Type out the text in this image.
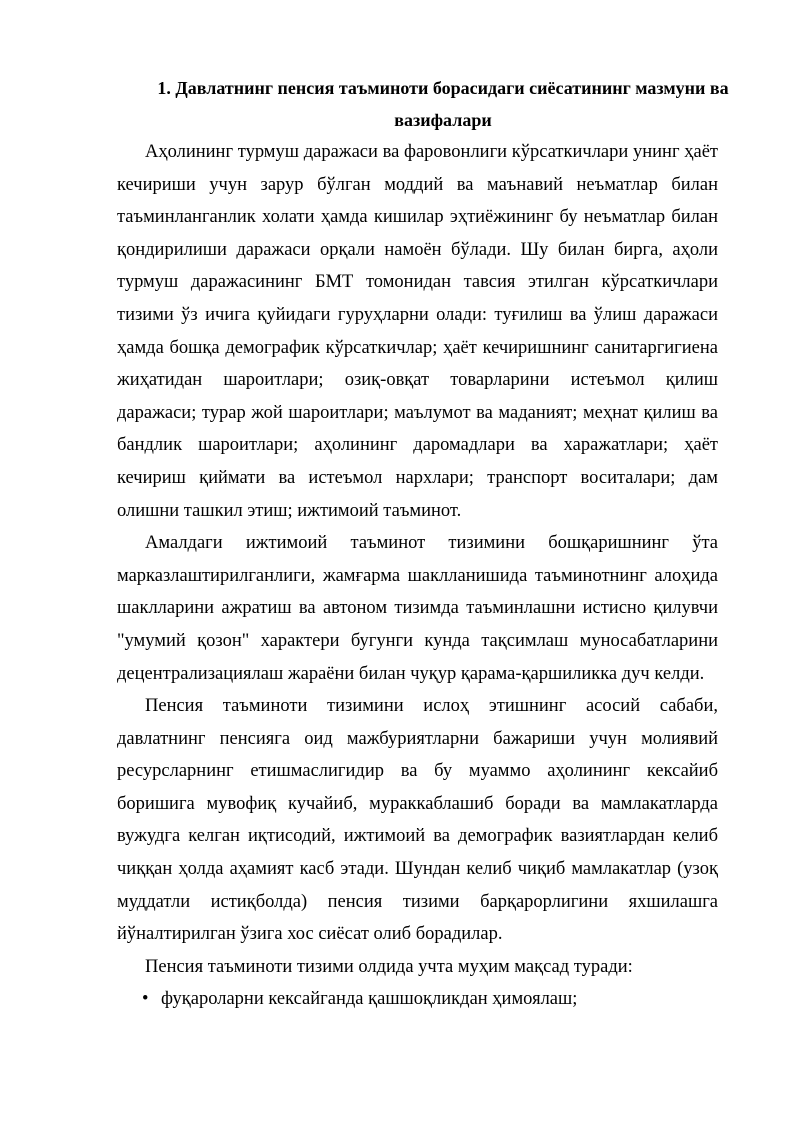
1. Давлатнинг пенсия таъминоти борасидаги сиёсатининг мазмуни ва
вазифалари

Аҳолининг турмуш даражаси ва фаровонлиги кўрсаткичлари унинг ҳаёт кечириши учун зарур бўлган моддий ва маънавий неъматлар билан таъминланганлик холати ҳамда кишилар эҳтиёжининг бу неъматлар билан қондирилиши даражаси орқали намоён бўлади. Шу билан бирга, аҳоли турмуш даражасининг БМТ томонидан тавсия этилган кўрсаткичлари тизими ўз ичига қуйидаги гуруҳларни олади: туғилиш ва ўлиш даражаси ҳамда бошқа демографик кўрсаткичлар; ҳаёт кечиришнинг санитаргигиена жиҳатидан шароитлари; озиқ-овқат товарларини истеъмол қилиш даражаси; турар жой шароитлари; маълумот ва маданият; меҳнат қилиш ва бандлик шароитлари; аҳолининг даромадлари ва харажатлари; ҳаёт кечириш қиймати ва истеъмол нархлари; транспорт воситалари; дам олишни ташкил этиш; ижтимоий таъминот.

Амалдаги ижтимоий таъминот тизимини бошқаришнинг ўта марказлаштирилганлиги, жамғарма шаклланишида таъминотнинг алоҳида шаклларини ажратиш ва автоном тизимда таъминлашни истисно қилувчи "умумий қозон" характери бугунги кунда тақсимлаш муносабатларини децентрализациялаш жараёни билан чуқур қарама-қаршиликка дуч келди.

Пенсия таъминоти тизимини ислоҳ этишнинг асосий сабаби, давлатнинг пенсияга оид мажбуриятларни бажариши учун молиявий ресурсларнинг етишмаслигидир ва бу муаммо аҳолининг кексайиб боришига мувофиқ кучайиб, мураккаблашиб боради ва мамлакатларда вужудга келган иқтисодий, ижтимоий ва демографик вазиятлардан келиб чиққан ҳолда аҳамият касб этади. Шундан келиб чиқиб мамлакатлар (узоқ муддатли истиқболда) пенсия тизими барқарорлигини яхшилашга йўналтирилган ўзига хос сиёсат олиб борадилар.

Пенсия таъминоти тизими олдида учта муҳим мақсад туради:

• фуқароларни кексайганда қашшоқликдан ҳимоялаш;
